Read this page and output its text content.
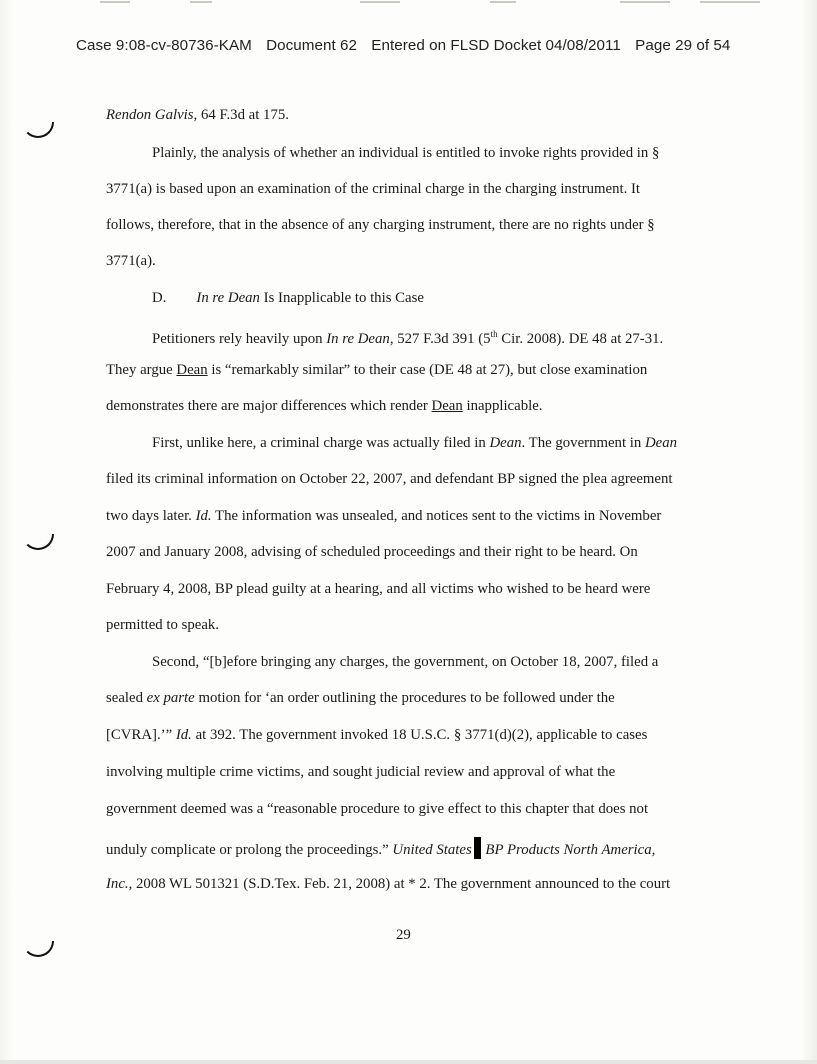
Case 9:08-cv-80736-KAM Document 62 Entered on FLSD Docket 04/08/2011 Page 29 of 54
Rendon Galvis, 64 F.3d at 175.
Plainly, the analysis of whether an individual is entitled to invoke rights provided in §
3771(a) is based upon an examination of the criminal charge in the charging instrument. It
follows, therefore, that in the absence of any charging instrument, there are no rights under §
3771(a).
D. In re Dean Is Inapplicable to this Case
Petitioners rely heavily upon In re Dean, 527 F.3d 391 (5th Cir. 2008). DE 48 at 27-31.
They argue Dean is “remarkably similar” to their case (DE 48 at 27), but close examination
demonstrates there are major differences which render Dean inapplicable.
First, unlike here, a criminal charge was actually filed in Dean. The government in Dean
filed its criminal information on October 22, 2007, and defendant BP signed the plea agreement
two days later. Id. The information was unsealed, and notices sent to the victims in November
2007 and January 2008, advising of scheduled proceedings and their right to be heard. On
February 4, 2008, BP plead guilty at a hearing, and all victims who wished to be heard were
permitted to speak.
Second, “[b]efore bringing any charges, the government, on October 18, 2007, filed a
sealed ex parte motion for ‘an order outlining the procedures to be followed under the
[CVRA].’” Id. at 392. The government invoked 18 U.S.C. § 3771(d)(2), applicable to cases
involving multiple crime victims, and sought judicial review and approval of what the
government deemed was a “reasonable procedure to give effect to this chapter that does not
unduly complicate or prolong the proceedings.” United States BP Products North America,
Inc., 2008 WL 501321 (S.D.Tex. Feb. 21, 2008) at * 2. The government announced to the court
29
